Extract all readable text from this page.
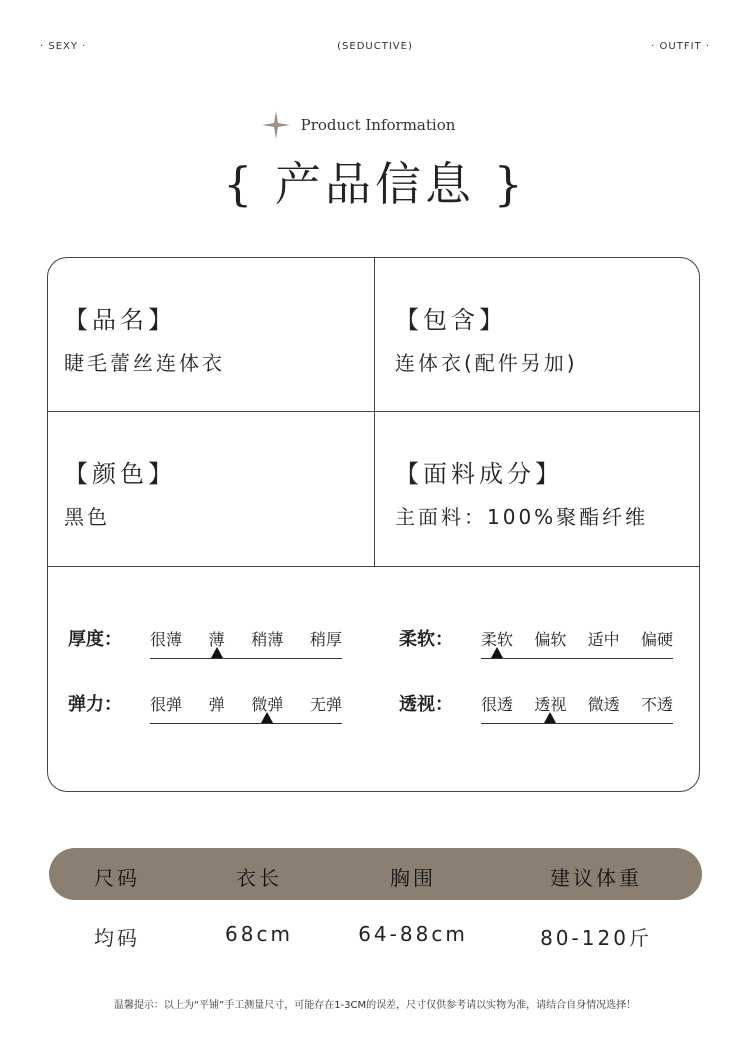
· SEXY ·	(SEDUCTIVE)	· OUTFIT ·
Product Information
{ 产品信息 }
【品名】
睫毛蕾丝连体衣
【包含】
连体衣(配件另加)
【颜色】
黑色
【面料成分】
主面料：100%聚酯纤维
厚度：	很薄 薄 稍薄 稍厚	柔软：	柔软 偏软 适中 偏硬
弹力：	很弹 弹 微弹 无弹	透视：	很透 透视 微透 不透
尺码	衣长	胸围	建议体重
均码	68cm	64-88cm	80-120斤
温馨提示：以上为“平铺”手工测量尺寸，可能存在1-3CM的误差，尺寸仅供参考请以实物为准，请结合自身情况选择！
